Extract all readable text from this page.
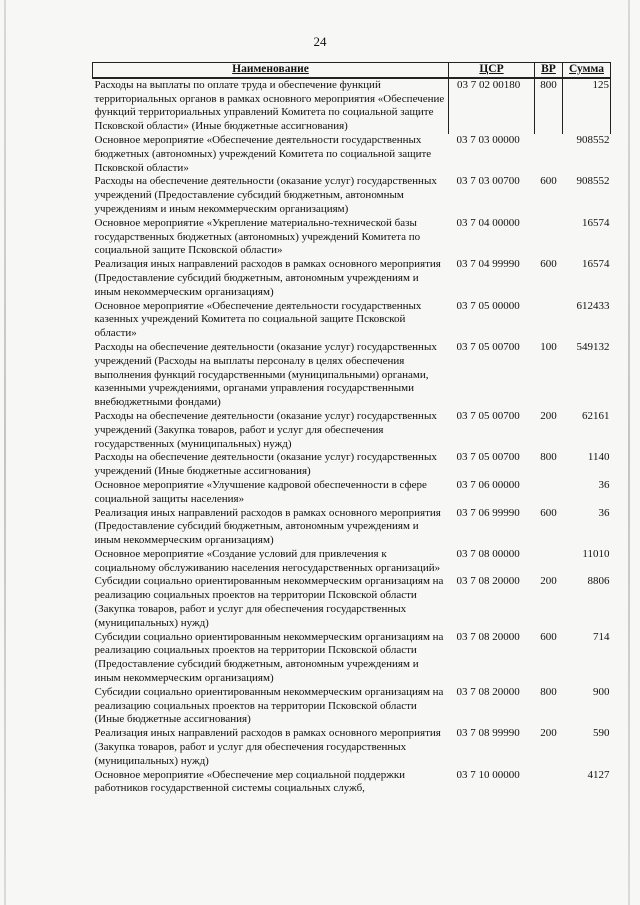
24
Наименование	ЦСР	ВР	Сумма
Расходы на выплаты по оплате труда и обеспечение функций территориальных органов в рамках основного мероприятия «Обеспечение функций территориальных управлений Комитета по социальной защите Псковской области» (Иные бюджетные ассигнования)	03 7 02 00180	800	125
Основное мероприятие «Обеспечение деятельности государственных бюджетных (автономных) учреждений Комитета по социальной защите Псковской области»	03 7 03 00000		908552
Расходы на обеспечение деятельности (оказание услуг) государственных учреждений (Предоставление субсидий бюджетным, автономным учреждениям и иным некоммерческим организациям)	03 7 03 00700	600	908552
Основное мероприятие «Укрепление материально-технической базы государственных бюджетных (автономных) учреждений Комитета по социальной защите Псковской области»	03 7 04 00000		16574
Реализация иных направлений расходов в рамках основного мероприятия (Предоставление субсидий бюджетным, автономным учреждениям и иным некоммерческим организациям)	03 7 04 99990	600	16574
Основное мероприятие «Обеспечение деятельности государственных казенных учреждений Комитета по социальной защите Псковской области»	03 7 05 00000		612433
Расходы на обеспечение деятельности (оказание услуг) государственных учреждений (Расходы на выплаты персоналу в целях обеспечения выполнения функций государственными (муниципальными) органами, казенными учреждениями, органами управления государственными внебюджетными фондами)	03 7 05 00700	100	549132
Расходы на обеспечение деятельности (оказание услуг) государственных учреждений (Закупка товаров, работ и услуг для обеспечения государственных (муниципальных) нужд)	03 7 05 00700	200	62161
Расходы на обеспечение деятельности (оказание услуг) государственных учреждений (Иные бюджетные ассигнования)	03 7 05 00700	800	1140
Основное мероприятие «Улучшение кадровой обеспеченности в сфере социальной защиты населения»	03 7 06 00000		36
Реализация иных направлений расходов в рамках основного мероприятия (Предоставление субсидий бюджетным, автономным учреждениям и иным некоммерческим организациям)	03 7 06 99990	600	36
Основное мероприятие «Создание условий для привлечения к социальному обслуживанию населения негосударственных организаций»	03 7 08 00000		11010
Субсидии социально ориентированным некоммерческим организациям на реализацию социальных проектов на территории Псковской области (Закупка товаров, работ и услуг для обеспечения государственных (муниципальных) нужд)	03 7 08 20000	200	8806
Субсидии социально ориентированным некоммерческим организациям на реализацию социальных проектов на территории Псковской области (Предоставление субсидий бюджетным, автономным учреждениям и иным некоммерческим организациям)	03 7 08 20000	600	714
Субсидии социально ориентированным некоммерческим организациям на реализацию социальных проектов на территории Псковской области (Иные бюджетные ассигнования)	03 7 08 20000	800	900
Реализация иных направлений расходов в рамках основного мероприятия (Закупка товаров, работ и услуг для обеспечения государственных (муниципальных) нужд)	03 7 08 99990	200	590
Основное мероприятие «Обеспечение мер социальной поддержки работников государственной системы социальных служб,	03 7 10 00000		4127
